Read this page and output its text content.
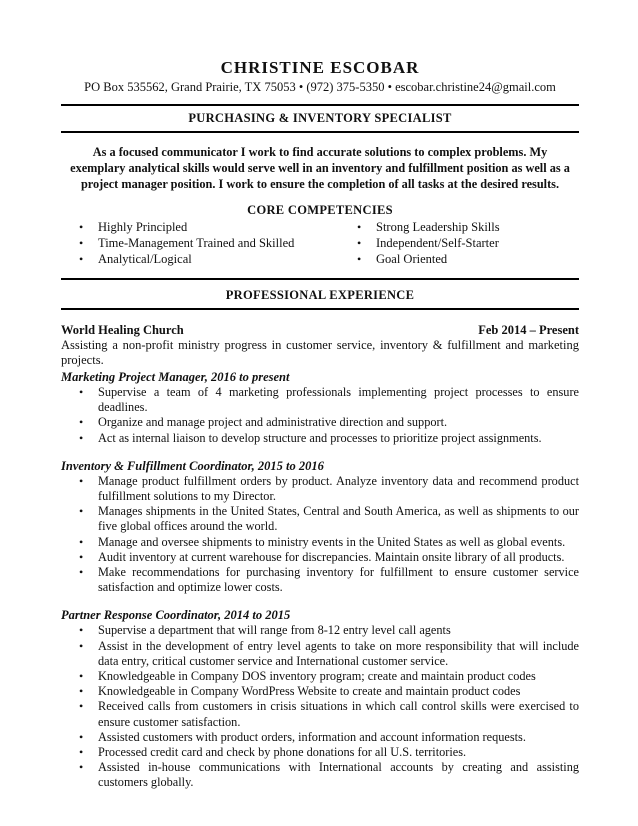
CHRISTINE ESCOBAR
PO Box 535562, Grand Prairie, TX 75053 • (972) 375-5350 • escobar.christine24@gmail.com
PURCHASING & INVENTORY SPECIALIST
As a focused communicator I work to find accurate solutions to complex problems. My exemplary analytical skills would serve well in an inventory and fulfillment position as well as a project manager position. I work to ensure the completion of all tasks at the desired results.
CORE COMPETENCIES
• Highly Principled
• Time-Management Trained and Skilled
• Analytical/Logical
• Strong Leadership Skills
• Independent/Self-Starter
• Goal Oriented
PROFESSIONAL EXPERIENCE
World Healing Church	Feb 2014 – Present
Assisting a non-profit ministry progress in customer service, inventory & fulfillment and marketing projects.
Marketing Project Manager, 2016 to present
• Supervise a team of 4 marketing professionals implementing project processes to ensure deadlines.
• Organize and manage project and administrative direction and support.
• Act as internal liaison to develop structure and processes to prioritize project assignments.
Inventory & Fulfillment Coordinator, 2015 to 2016
• Manage product fulfillment orders by product. Analyze inventory data and recommend product fulfillment solutions to my Director.
• Manages shipments in the United States, Central and South America, as well as shipments to our five global offices around the world.
• Manage and oversee shipments to ministry events in the United States as well as global events.
• Audit inventory at current warehouse for discrepancies. Maintain onsite library of all products.
• Make recommendations for purchasing inventory for fulfillment to ensure customer service satisfaction and optimize lower costs.
Partner Response Coordinator, 2014 to 2015
• Supervise a department that will range from 8-12 entry level call agents
• Assist in the development of entry level agents to take on more responsibility that will include data entry, critical customer service and International customer service.
• Knowledgeable in Company DOS inventory program; create and maintain product codes
• Knowledgeable in Company WordPress Website to create and maintain product codes
• Received calls from customers in crisis situations in which call control skills were exercised to ensure customer satisfaction.
• Assisted customers with product orders, information and account information requests.
• Processed credit card and check by phone donations for all U.S. territories.
• Assisted in-house communications with International accounts by creating and assisting customers globally.
